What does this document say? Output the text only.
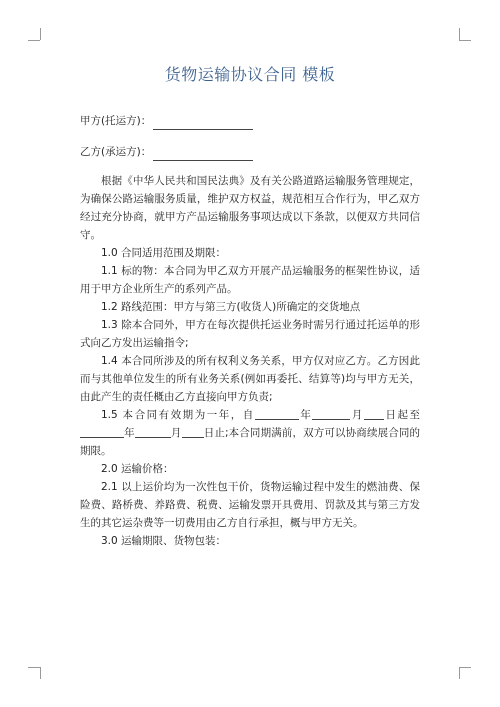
货物运输协议合同 模板
甲方(托运方)：
乙方(承运方)：

根据《中华人民共和国民法典》及有关公路道路运输服务管理规定，为确保公路运输服务质量，维护双方权益，规范相互合作行为，甲乙双方经过充分协商，就甲方产品运输服务事项达成以下条款，以便双方共同信守。

1.0 合同适用范围及期限：

1.1 标的物：本合同为甲乙双方开展产品运输服务的框架性协议，适用于甲方企业所生产的系列产品。

1.2 路线范围：甲方与第三方(收货人)所确定的交货地点

1.3 除本合同外，甲方在每次提供托运业务时需另行通过托运单的形式向乙方发出运输指令;

1.4 本合同所涉及的所有权利义务关系，甲方仅对应乙方。乙方因此而与其他单位发生的所有业务关系(例如再委托、结算等)均与甲方无关，由此产生的责任概由乙方直接向甲方负责;

1.5 本合同有效期为一年，自	年	月 日起至年	月 日止;本合同期满前，双方可以协商续展合同的期限。

2.0 运输价格：

2.1 以上运价均为一次性包干价，货物运输过程中发生的燃油费、保险费、路桥费、养路费、税费、运输发票开具费用、罚款及其与第三方发生的其它运杂费等一切费用由乙方自行承担，概与甲方无关。

3.0 运输期限、货物包装：
